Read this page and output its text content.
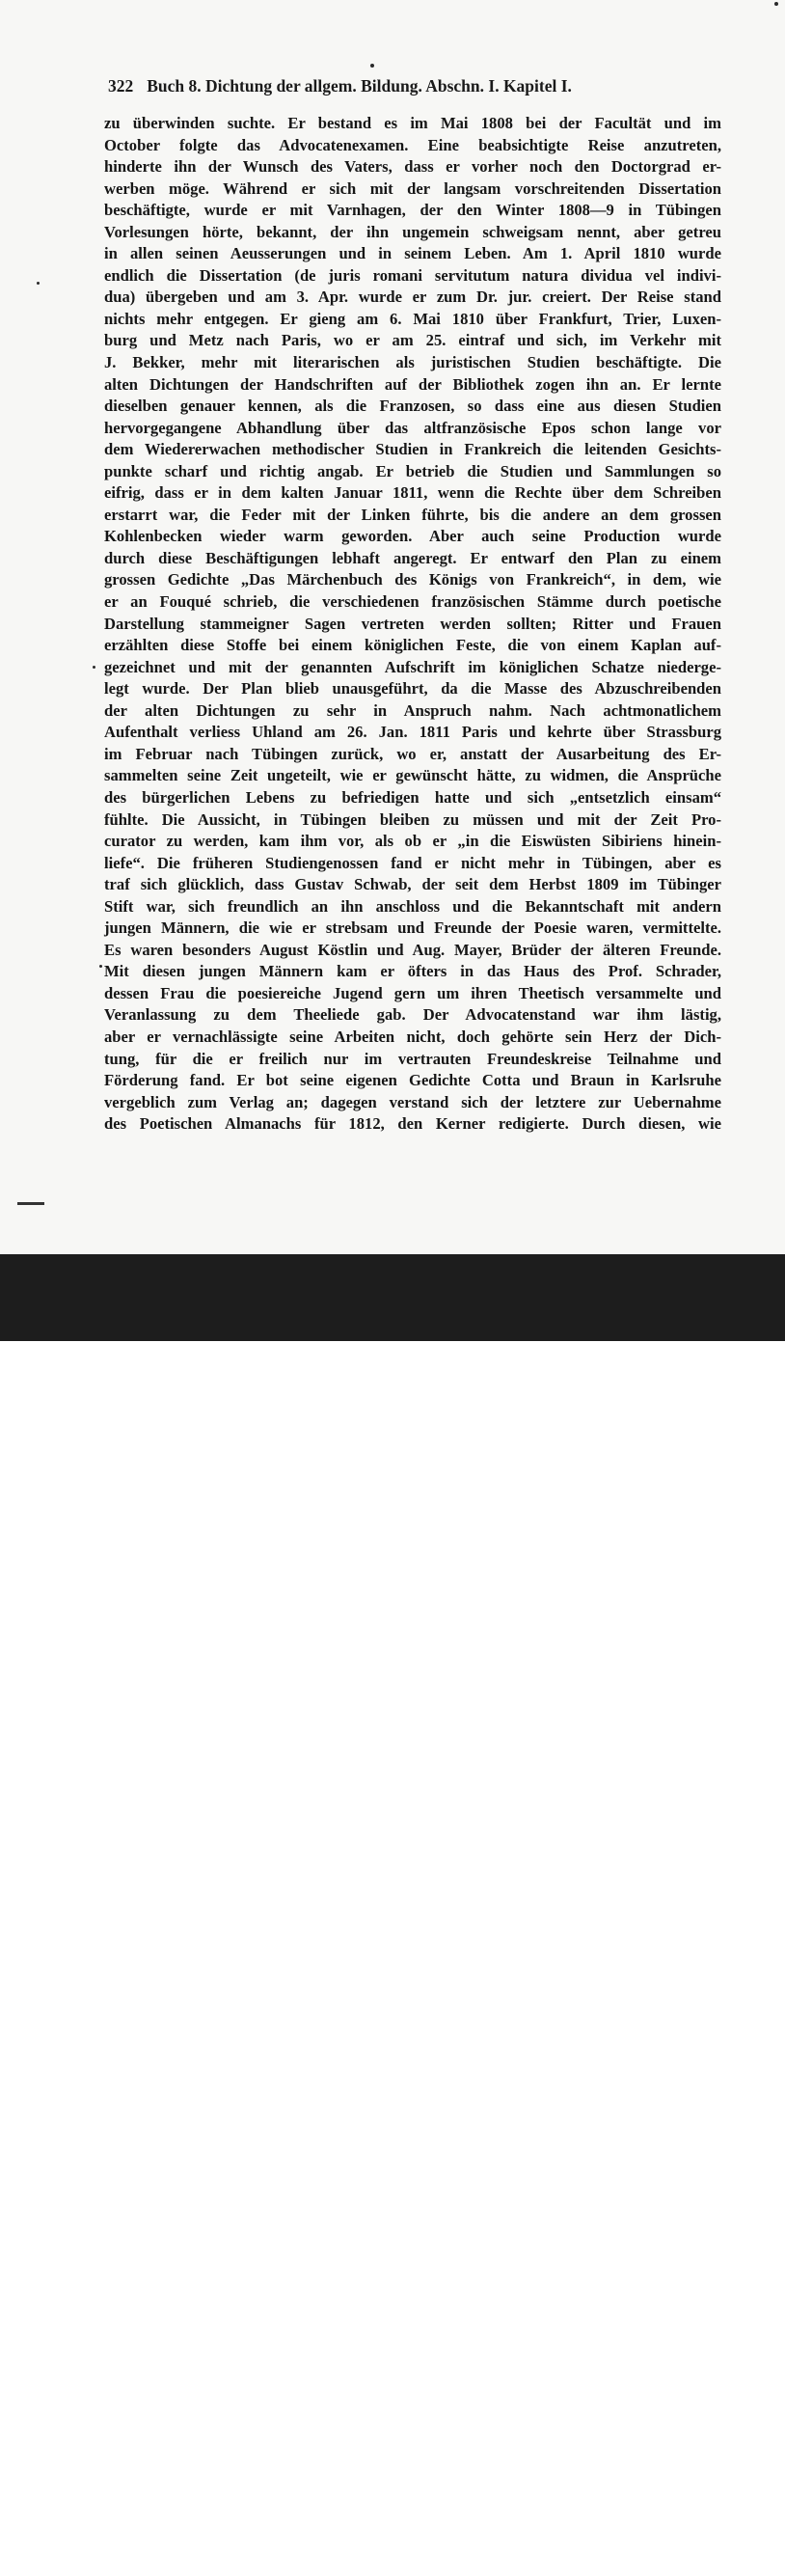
322 Buch 8. Dichtung der allgem. Bildung. Abschn. I. Kapitel I.
zu überwinden suchte. Er bestand es im Mai 1808 bei der Facultät und im
October folgte das Advocatenexamen. Eine beabsichtigte Reise anzutreten,
hinderte ihn der Wunsch des Vaters, dass er vorher noch den Doctorgrad er-
werben möge. Während er sich mit der langsam vorschreitenden Dissertation
beschäftigte, wurde er mit Varnhagen, der den Winter 1808—9 in Tübingen
Vorlesungen hörte, bekannt, der ihn ungemein schweigsam nennt, aber getreu
in allen seinen Aeusserungen und in seinem Leben. Am 1. April 1810 wurde
endlich die Dissertation (de juris romani servitutum natura dividua vel indivi-
dua) übergeben und am 3. Apr. wurde er zum Dr. jur. creiert. Der Reise stand
nichts mehr entgegen. Er gieng am 6. Mai 1810 über Frankfurt, Trier, Luxen-
burg und Metz nach Paris, wo er am 25. eintraf und sich, im Verkehr mit
J. Bekker, mehr mit literarischen als juristischen Studien beschäftigte. Die
alten Dichtungen der Handschriften auf der Bibliothek zogen ihn an. Er lernte
dieselben genauer kennen, als die Franzosen, so dass eine aus diesen Studien
hervorgegangene Abhandlung über das altfranzösische Epos schon lange vor
dem Wiedererwachen methodischer Studien in Frankreich die leitenden Gesichts-
punkte scharf und richtig angab. Er betrieb die Studien und Sammlungen so
eifrig, dass er in dem kalten Januar 1811, wenn die Rechte über dem Schreiben
erstarrt war, die Feder mit der Linken führte, bis die andere an dem grossen
Kohlenbecken wieder warm geworden. Aber auch seine Production wurde
durch diese Beschäftigungen lebhaft angeregt. Er entwarf den Plan zu einem
grossen Gedichte „Das Märchenbuch des Königs von Frankreich“, in dem, wie
er an Fouqué schrieb, die verschiedenen französischen Stämme durch poetische
Darstellung stammeigner Sagen vertreten werden sollten; Ritter und Frauen
erzählten diese Stoffe bei einem königlichen Feste, die von einem Kaplan auf-
gezeichnet und mit der genannten Aufschrift im königlichen Schatze niederge-
legt wurde. Der Plan blieb unausgeführt, da die Masse des Abzuschreibenden
der alten Dichtungen zu sehr in Anspruch nahm. Nach achtmonatlichem
Aufenthalt verliess Uhland am 26. Jan. 1811 Paris und kehrte über Strassburg
im Februar nach Tübingen zurück, wo er, anstatt der Ausarbeitung des Er-
sammelten seine Zeit ungeteilt, wie er gewünscht hätte, zu widmen, die Ansprüche
des bürgerlichen Lebens zu befriedigen hatte und sich „entsetzlich einsam“
fühlte. Die Aussicht, in Tübingen bleiben zu müssen und mit der Zeit Pro-
curator zu werden, kam ihm vor, als ob er „in die Eiswüsten Sibiriens hinein-
liefe“. Die früheren Studiengenossen fand er nicht mehr in Tübingen, aber es
traf sich glücklich, dass Gustav Schwab, der seit dem Herbst 1809 im Tübinger
Stift war, sich freundlich an ihn anschloss und die Bekanntschaft mit andern
jungen Männern, die wie er strebsam und Freunde der Poesie waren, vermittelte.
Es waren besonders August Köstlin und Aug. Mayer, Brüder der älteren Freunde.
Mit diesen jungen Männern kam er öfters in das Haus des Prof. Schrader,
dessen Frau die poesiereiche Jugend gern um ihren Theetisch versammelte und
Veranlassung zu dem Theeliede gab. Der Advocatenstand war ihm lästig,
aber er vernachlässigte seine Arbeiten nicht, doch gehörte sein Herz der Dich-
tung, für die er freilich nur im vertrauten Freundeskreise Teilnahme und
Förderung fand. Er bot seine eigenen Gedichte Cotta und Braun in Karlsruhe
vergeblich zum Verlag an; dagegen verstand sich der letztere zur Uebernahme
des Poetischen Almanachs für 1812, den Kerner redigierte. Durch diesen, wie
alamy	W6WA05
www.alamy.com
